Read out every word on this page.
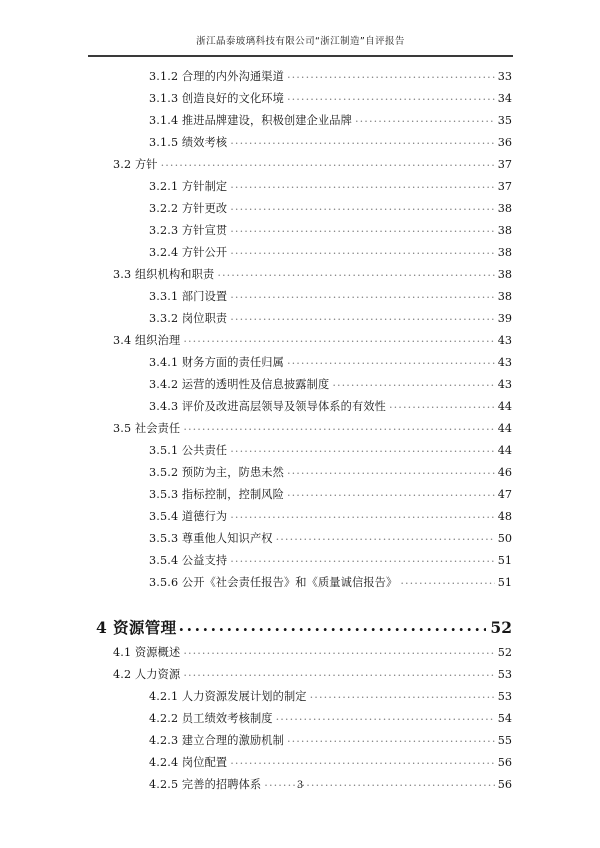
浙江晶泰玻璃科技有限公司“浙江制造”自评报告
3.1.2 合理的内外沟通渠道 .....	33
3.1.3 创造良好的文化环境 .....	34
3.1.4 推进品牌建设，积极创建企业品牌 .....	35
3.1.5 绩效考核 .....	36
3.2 方针 .....	37
3.2.1 方针制定 .....	37
3.2.2 方针更改 .....	38
3.2.3 方针宣贯 .....	38
3.2.4 方针公开 .....	38
3.3 组织机构和职责 .....	38
3.3.1 部门设置 .....	38
3.3.2 岗位职责 .....	39
3.4 组织治理 .....	43
3.4.1 财务方面的责任归属 .....	43
3.4.2 运营的透明性及信息披露制度 .....	43
3.4.3 评价及改进高层领导及领导体系的有效性 .....	44
3.5 社会责任 .....	44
3.5.1 公共责任 .....	44
3.5.2 预防为主，防患未然 .....	46
3.5.3 指标控制，控制风险 .....	47
3.5.4 道德行为 .....	48
3.5.3 尊重他人知识产权 .....	50
3.5.4 公益支持 .....	51
3.5.6 公开《社会责任报告》和《质量诚信报告》 .....	51
4 资源管理 .....	52
4.1 资源概述 .....	52
4.2 人力资源 .....	53
4.2.1 人力资源发展计划的制定 .....	53
4.2.2 员工绩效考核制度 .....	54
4.2.3 建立合理的激励机制 .....	55
4.2.4 岗位配置 .....	56
4.2.5 完善的招聘体系 .....	56
3
